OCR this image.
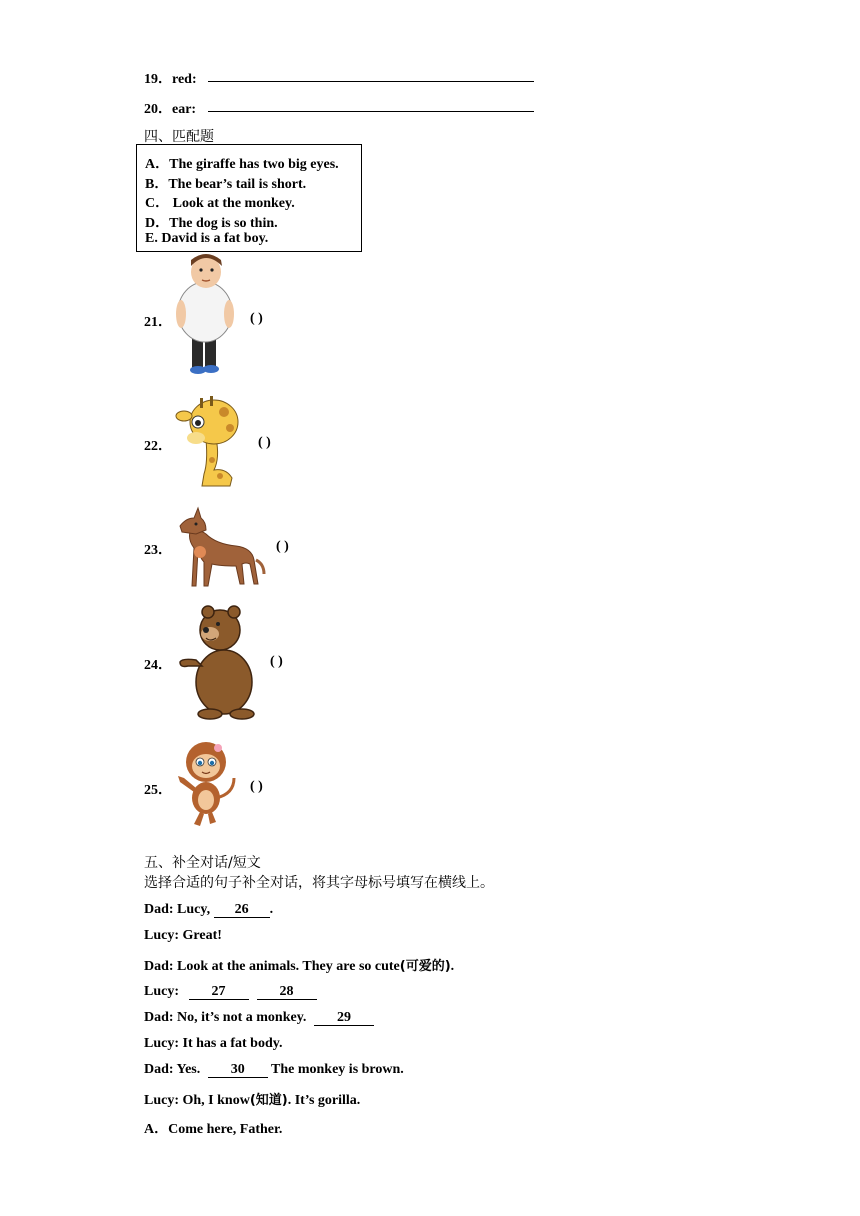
19．red:
20．ear:
四、匹配题
A．The giraffe has two big eyes.
B．The bear’s tail is short.
C． Look at the monkey.
D．The dog is so thin.
E. David is a fat boy.
21．	( )
22．	( )
23．	( )
24．	( )
25．	( )
五、补全对话/短文
选择合适的句子补全对话，将其字母标号填写在横线上。
Dad: Lucy, 26 .
Lucy: Great!
Dad: Look at the animals. They are so cute(可爱的).
Lucy: 27	28
Dad: No, it’s not a monkey. 29
Lucy: It has a fat body.
Dad: Yes. 30 The monkey is brown.
Lucy: Oh, I know(知道). It’s gorilla.
A．Come here, Father.
